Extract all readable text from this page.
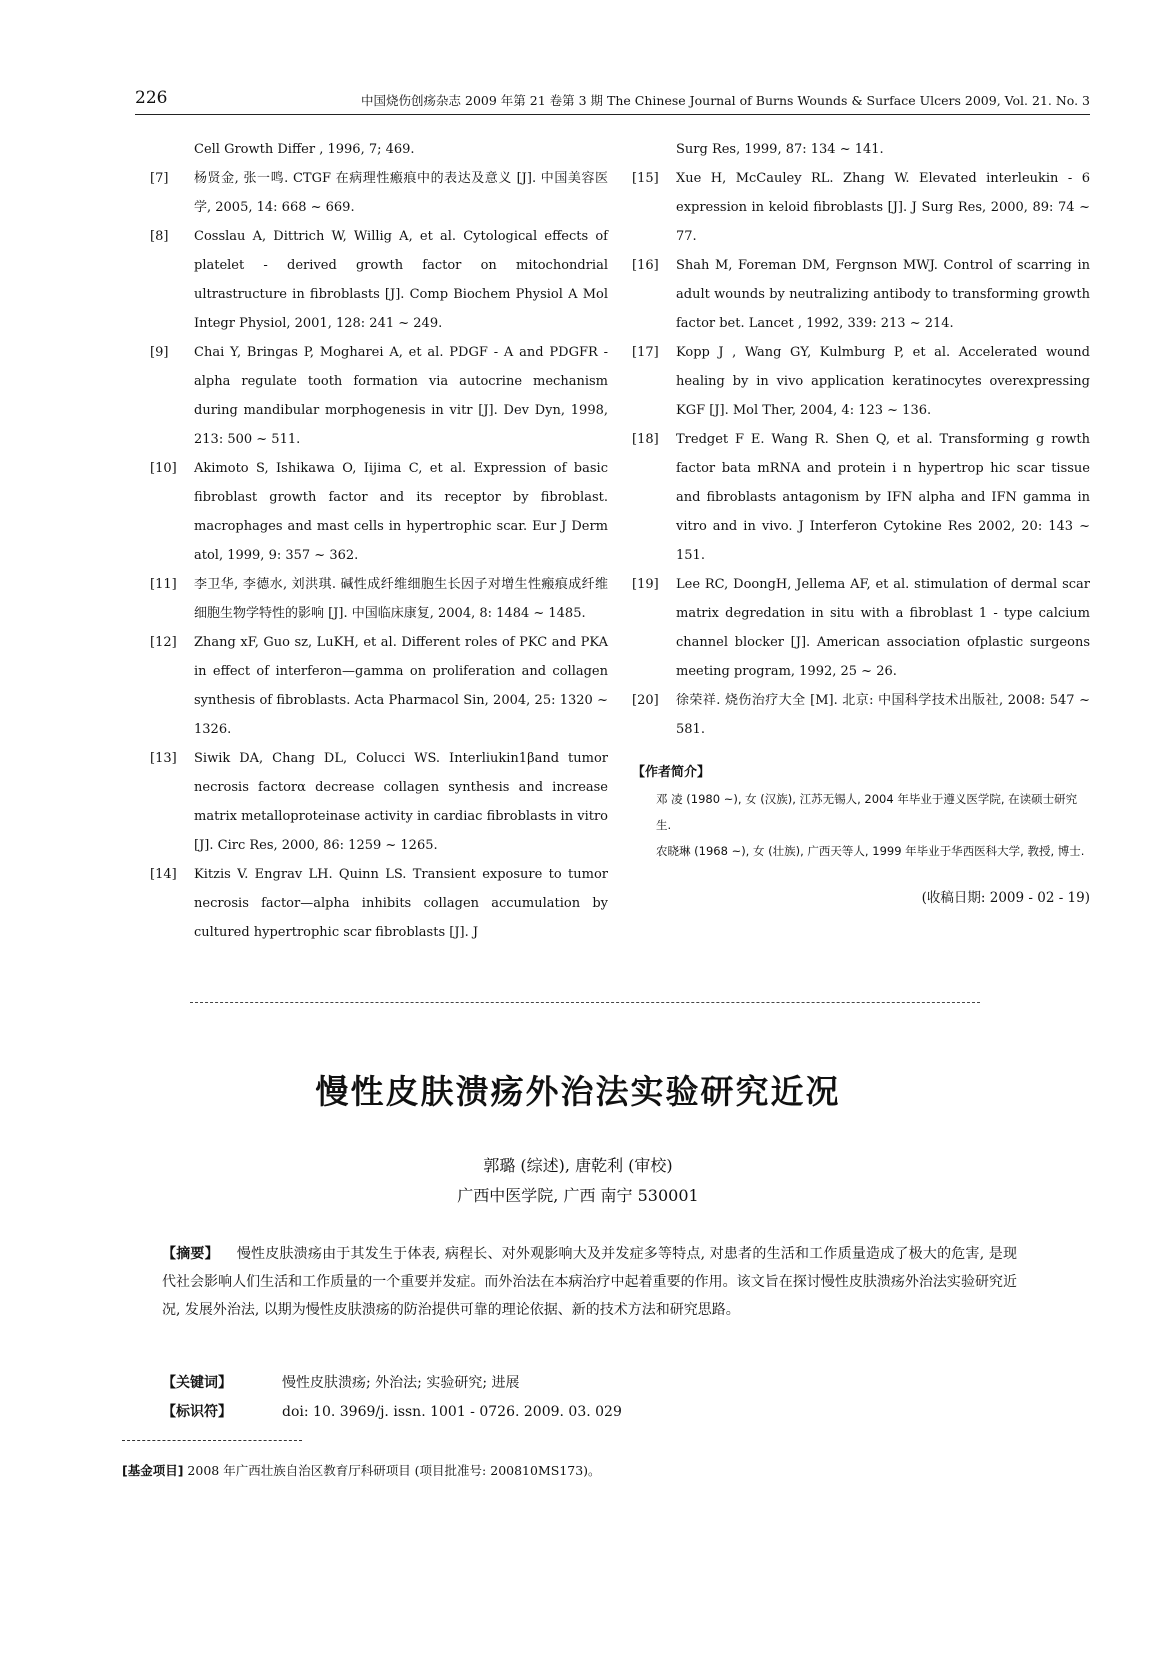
226	中国烧伤创疡杂志 2009 年第 21 卷第 3 期 The Chinese Journal of Burns Wounds & Surface Ulcers 2009, Vol. 21. No. 3
Cell Growth Differ , 1996, 7; 469.
[7]	杨贤金, 张一鸣. CTGF 在病理性瘢痕中的表达及意义 [J]. 中国美容医学, 2005, 14: 668 ~ 669.
[8]	Cosslau A, Dittrich W, Willig A, et al. Cytological effects of platelet - derived growth factor on mitochondrial ultrastructure in fibroblasts [J]. Comp Biochem Physiol A Mol Integr Physiol, 2001, 128: 241 ~ 249.
[9]	Chai Y, Bringas P, Mogharei A, et al. PDGF - A and PDGFR - alpha regulate tooth formation via autocrine mechanism during mandibular morphogenesis in vitr [J]. Dev Dyn, 1998, 213: 500 ~ 511.
[10]	Akimoto S, Ishikawa O, Iijima C, et al. Expression of basic fibroblast growth factor and its receptor by fibroblast. macrophages and mast cells in hypertrophic scar. Eur J Derm atol, 1999, 9: 357 ~ 362.
[11]	李卫华, 李德水, 刘洪琪. 碱性成纤维细胞生长因子对增生性瘢痕成纤维细胞生物学特性的影响 [J]. 中国临床康复, 2004, 8: 1484 ~ 1485.
[12]	Zhang xF, Guo sz, LuKH, et al. Different roles of PKC and PKA in effect of interferon—gamma on proliferation and collagen synthesis of fibroblasts. Acta Pharmacol Sin, 2004, 25: 1320 ~ 1326.
[13]	Siwik DA, Chang DL, Colucci WS. Interliukin1βand tumor necrosis factorα decrease collagen synthesis and increase matrix metalloproteinase activity in cardiac fibroblasts in vitro [J]. Circ Res, 2000, 86: 1259 ~ 1265.
[14]	Kitzis V. Engrav LH. Quinn LS. Transient exposure to tumor necrosis factor—alpha inhibits collagen accumulation by cultured hypertrophic scar fibroblasts [J]. J
Surg Res, 1999, 87: 134 ~ 141.
[15]	Xue H, McCauley RL. Zhang W. Elevated interleukin - 6 expression in keloid fibroblasts [J]. J Surg Res, 2000, 89: 74 ~ 77.
[16]	Shah M, Foreman DM, Fergnson MWJ. Control of scarring in adult wounds by neutralizing antibody to transforming growth factor bet. Lancet , 1992, 339: 213 ~ 214.
[17]	Kopp J , Wang GY, Kulmburg P, et al. Accelerated wound healing by in vivo application keratinocytes overexpressing KGF [J]. Mol Ther, 2004, 4: 123 ~ 136.
[18]	Tredget F E. Wang R. Shen Q, et al. Transforming g rowth factor bata mRNA and protein i n hypertrop hic scar tissue and fibroblasts antagonism by IFN alpha and IFN gamma in vitro and in vivo. J Interferon Cytokine Res 2002, 20: 143 ~ 151.
[19]	Lee RC, DoongH, Jellema AF, et al. stimulation of dermal scar matrix degredation in situ with a fibroblast 1 - type calcium channel blocker [J]. American association ofplastic surgeons meeting program, 1992, 25 ~ 26.
[20]	徐荣祥. 烧伤治疗大全 [M]. 北京: 中国科学技术出版社, 2008: 547 ~ 581.
【作者简介】
邓 凌 (1980 ~), 女 (汉族), 江苏无锡人, 2004 年毕业于遵义医学院, 在读硕士研究生.
农晓琳 (1968 ~), 女 (壮族), 广西天等人, 1999 年毕业于华西医科大学, 教授, 博士.
(收稿日期: 2009 - 02 - 19)
慢性皮肤溃疡外治法实验研究近况
郭璐 (综述), 唐乾利 (审校)
广西中医学院, 广西 南宁 530001
【摘要】 慢性皮肤溃疡由于其发生于体表, 病程长、对外观影响大及并发症多等特点, 对患者的生活和工作质量造成了极大的危害, 是现代社会影响人们生活和工作质量的一个重要并发症。而外治法在本病治疗中起着重要的作用。该文旨在探讨慢性皮肤溃疡外治法实验研究近况, 发展外治法, 以期为慢性皮肤溃疡的防治提供可靠的理论依据、新的技术方法和研究思路。
【关键词】	慢性皮肤溃疡; 外治法; 实验研究; 进展
【标识符】	doi: 10. 3969/j. issn. 1001 - 0726. 2009. 03. 029
[基金项目] 2008 年广西壮族自治区教育厅科研项目 (项目批准号: 200810MS173)。
